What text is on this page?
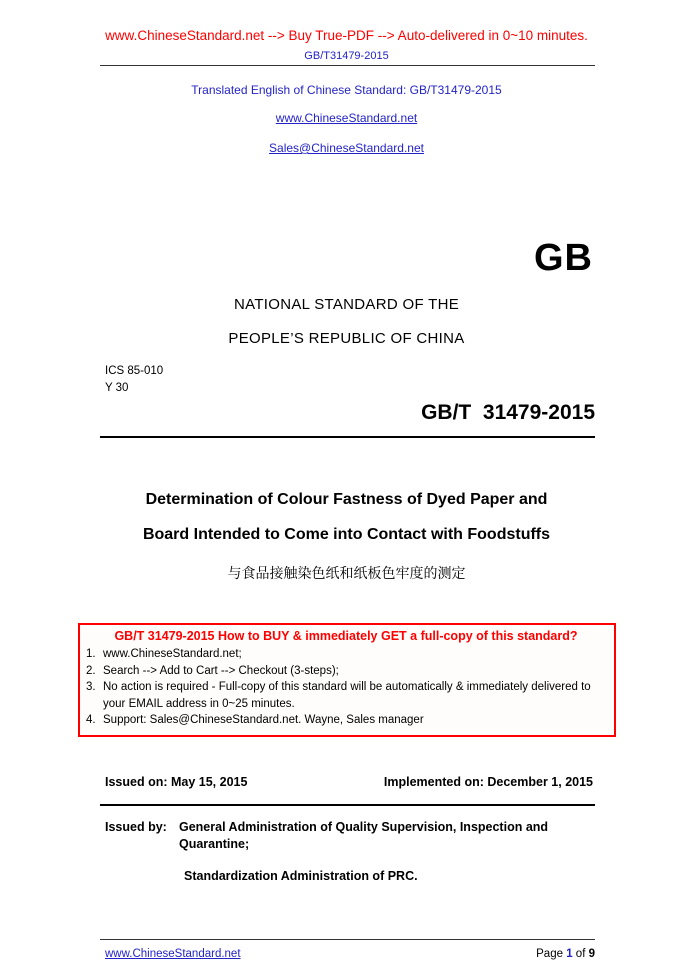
www.ChineseStandard.net --> Buy True-PDF --> Auto-delivered in 0~10 minutes.
GB/T31479-2015
Translated English of Chinese Standard: GB/T31479-2015
www.ChineseStandard.net
Sales@ChineseStandard.net
GB
NATIONAL STANDARD OF THE
PEOPLE’S REPUBLIC OF CHINA
ICS 85-010
Y 30
GB/T  31479-2015
Determination of Colour Fastness of Dyed Paper and
Board Intended to Come into Contact with Foodstuffs
与食品接触染色纸和纸板色牢度的测定
GB/T 31479-2015 How to BUY & immediately GET a full-copy of this standard?
1. www.ChineseStandard.net;
2. Search --> Add to Cart --> Checkout (3-steps);
3. No action is required - Full-copy of this standard will be automatically & immediately delivered to your EMAIL address in 0~25 minutes.
4. Support: Sales@ChineseStandard.net. Wayne, Sales manager
Issued on: May 15, 2015	Implemented on: December 1, 2015
Issued by: General Administration of Quality Supervision, Inspection and
Quarantine;
Standardization Administration of PRC.
www.ChineseStandard.net	Page 1 of 9
